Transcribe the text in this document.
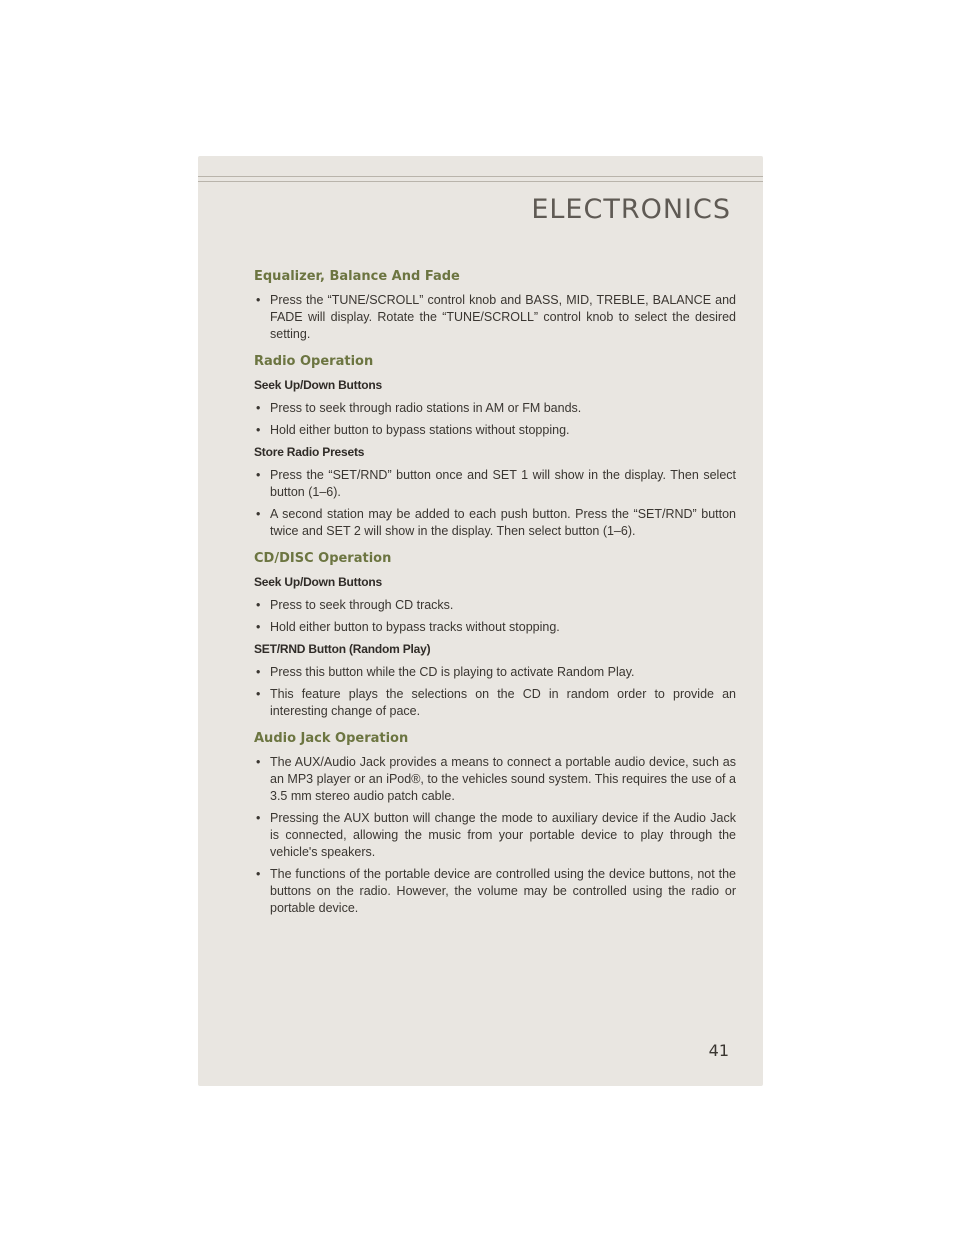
ELECTRONICS
Equalizer, Balance And Fade
• Press the “TUNE/SCROLL” control knob and BASS, MID, TREBLE, BALANCE and FADE will display. Rotate the “TUNE/SCROLL” control knob to select the desired setting.
Radio Operation
Seek Up/Down Buttons
• Press to seek through radio stations in AM or FM bands.
• Hold either button to bypass stations without stopping.
Store Radio Presets
• Press the “SET/RND” button once and SET 1 will show in the display. Then select button (1–6).
• A second station may be added to each push button. Press the “SET/RND” button twice and SET 2 will show in the display. Then select button (1–6).
CD/DISC Operation
Seek Up/Down Buttons
• Press to seek through CD tracks.
• Hold either button to bypass tracks without stopping.
SET/RND Button (Random Play)
• Press this button while the CD is playing to activate Random Play.
• This feature plays the selections on the CD in random order to provide an interesting change of pace.
Audio Jack Operation
• The AUX/Audio Jack provides a means to connect a portable audio device, such as an MP3 player or an iPod®, to the vehicles sound system. This requires the use of a 3.5 mm stereo audio patch cable.
• Pressing the AUX button will change the mode to auxiliary device if the Audio Jack is connected, allowing the music from your portable device to play through the vehicle's speakers.
• The functions of the portable device are controlled using the device buttons, not the buttons on the radio. However, the volume may be controlled using the radio or portable device.
41
